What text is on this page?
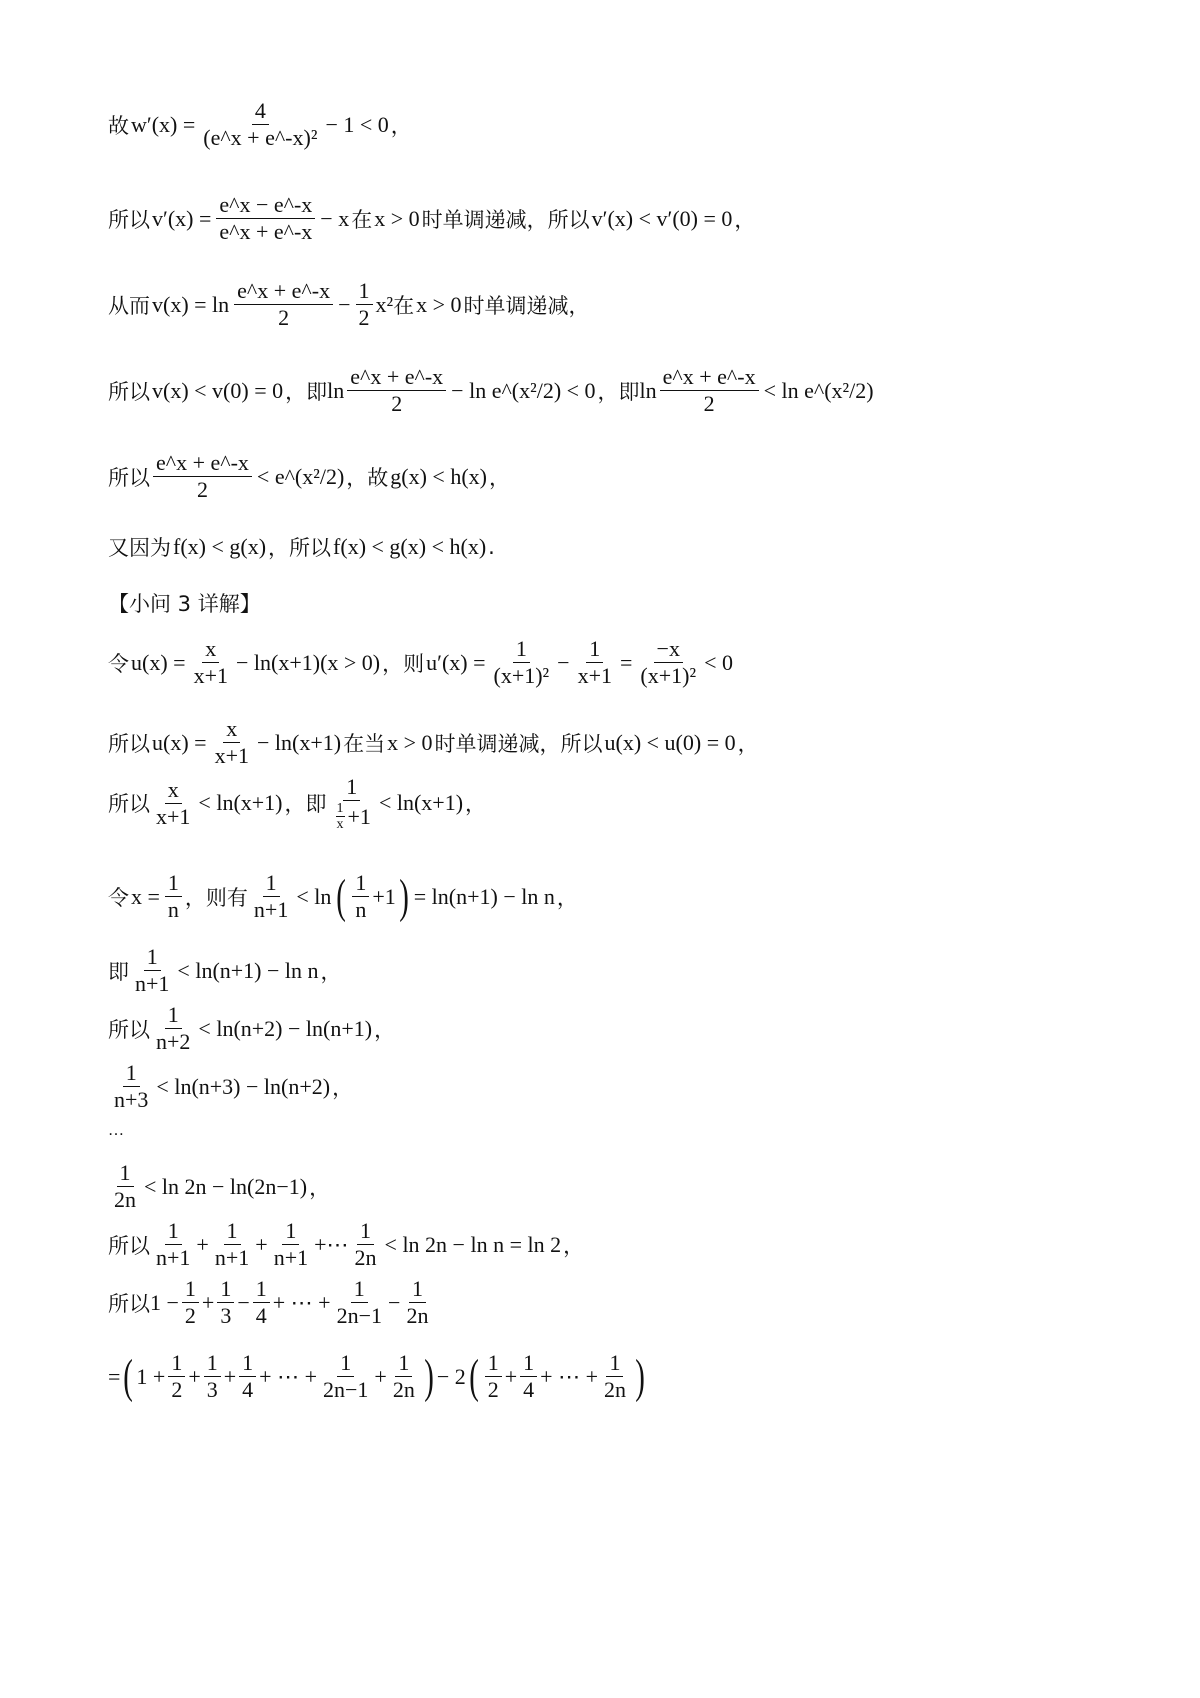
故 $w'(x) = \frac{4}{\text{(e\textasciicircum{}x + e\textasciicircum{}-x)²}} - 1 < 0$ ，
所以 $v'(x) = \frac{e\^{}x - e\^{}-x}{e\^{}x + e\^{}-x} - x$ 在 x > 0 时单调递减，所以 v′(x) < v′(0) = 0 ，
从而 $v(x) = \ln \frac{e\^{}x + e\^{}-x}{2} - \frac{1}{2} x^2$ 在 x > 0 时单调递减，
所以 v(x) < v(0) = 0 ，即 $\ln \frac{e\^{}x + e\^{}-x}{2} - \ln$ e^(x²/2) < 0 ，即 $\ln \frac{e\^{}x + e\^{}-x}{2} < \ln$ e^(x²/2)
所以 $\frac{e\^{}x + e\^{}-x}{2}$ < e^(x²/2) ，故 g(x) < h(x) ，
又因为 f(x) < g(x) ，所以 f(x) < g(x) < h(x) .
【小问 3 详解】
令 $u(x) = \frac{x}{x+1} - \ln(x+1)(x > 0)$ ，则 $u'(x) = \frac{1}{\text{(x+1)²}} - \frac{1}{x+1} = \frac{-x}{\text{(x+1)²}} < 0$
所以 $u(x) = \frac{x}{x+1} - \ln(x+1)$ 在当 x > 0 时单调递减，所以 u(x) < u(0) = 0 ，
所以 $\frac{x}{x+1} < \ln(x+1)$ ，即 $\frac{1}{\frac{1}{x} +1} < \ln(x+1)$ ，
令 $x = \frac{1}{n}$ ，则有 $\frac{1}{n+1} < \ln$ ( $\frac{1}{n} +1$ ) = ln(n+1) − ln n ，
即 $\frac{1}{n+1} < \ln(n+1) - \ln n$ ，
所以 $\frac{1}{n+2} < \ln(n+2) - \ln(n+1)$ ，
$\frac{1}{n+3} < \ln(n+3) - \ln(n+2)$ ，
…
$\frac{1}{2n} < \ln 2n - \ln(2n-1)$ ，
所以 $\frac{1}{n+1} + \frac{1}{n+1} + \frac{1}{n+1}$ +⋯ $\frac{1}{2n} < \ln 2n - \ln n = \ln 2$ ，
所以 $1 - \frac{1}{2} + \frac{1}{3} - \frac{1}{4}$ + ⋯ + $\frac{1}{2n-1} - \frac{1}{2n}$
= ( $1 + \frac{1}{2} + \frac{1}{3} + \frac{1}{4}$ + ⋯ + $\frac{1}{2n-1} + \frac{1}{2n}$ ) − 2 ( $\frac{1}{2} + \frac{1}{4}$ + ⋯ + $\frac{1}{2n}$ )
